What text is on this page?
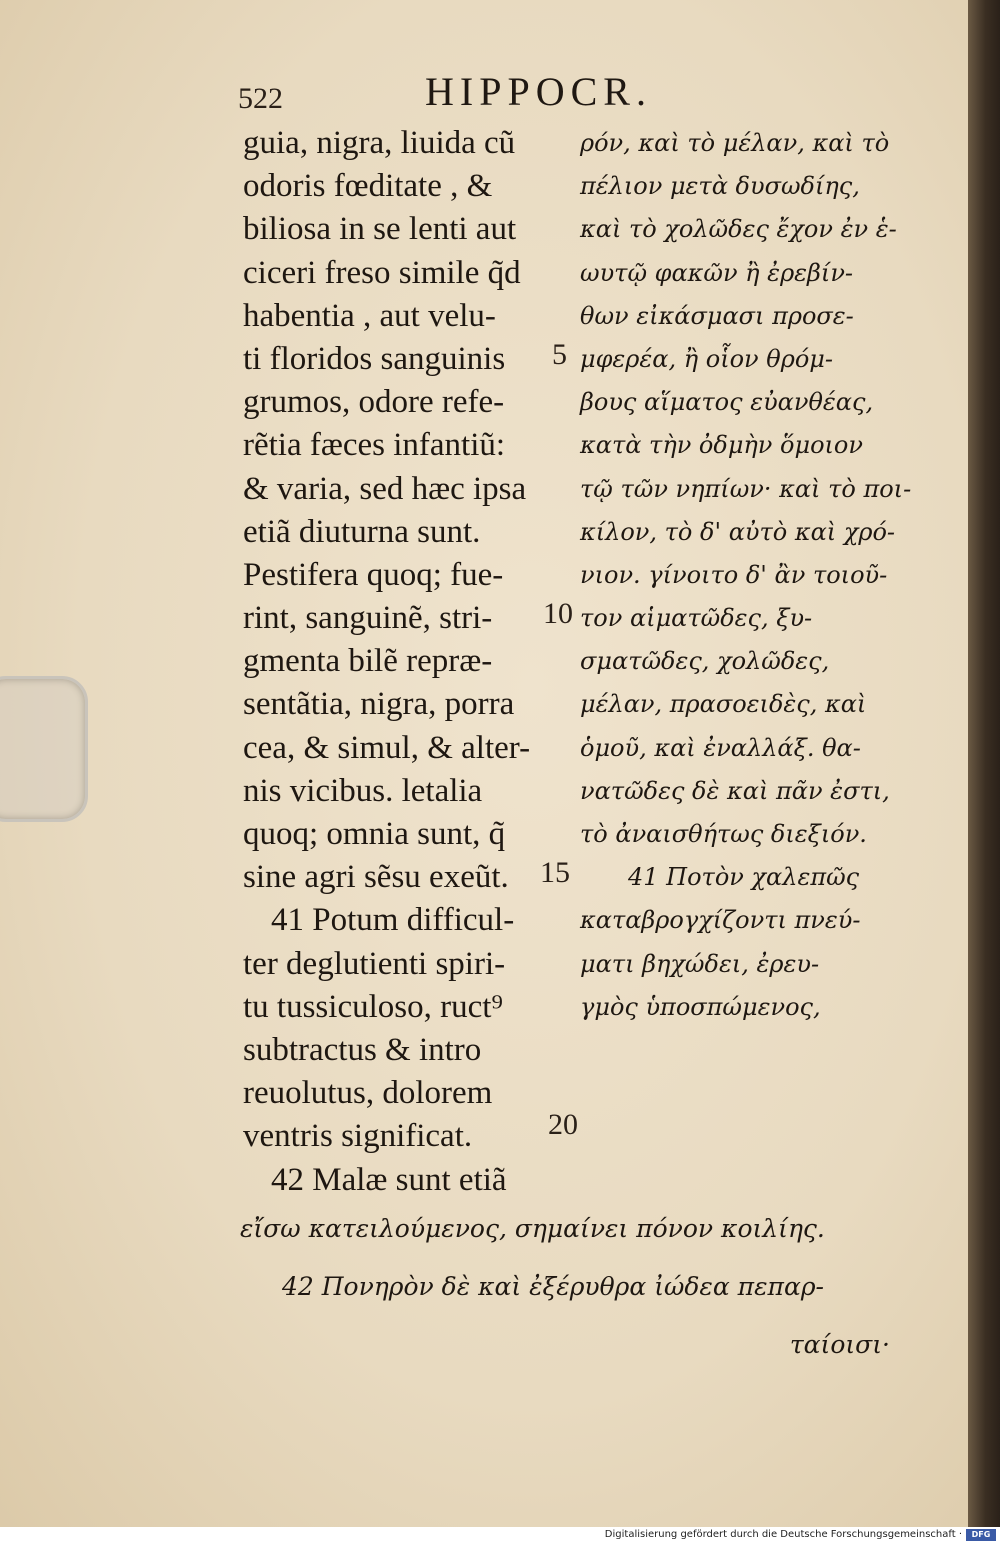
522	HIPPOCR.
guia, nigra, liuida cũ
odoris fœditate , &
biliosa in se lenti aut
ciceri freso simile q̃d
habentia , aut velu-
ti floridos sanguinis
grumos, odore refe-
rẽtia fæces infantiũ:
& varia, sed hæc ipsa
etiã diuturna sunt.
Pestifera quoq; fue-
rint, sanguinẽ, stri-
gmenta bilẽ repræ-
sentãtia, nigra, porra
cea, & simul, & alter-
nis vicibus. letalia
quoq; omnia sunt, q̃
sine agri sẽsu exeũt.
41 Potum difficul-
ter deglutienti spiri-
tu tussiculoso, ruct⁹
subtractus & intro
reuolutus, dolorem
ventris significat.
42 Malæ sunt etiã
ρόν, καὶ τὸ μέλαν, καὶ τὸ
πέλιον μετὰ δυσωδίης,
καὶ τὸ χολῶδες ἔχον ἐν ἑ-
ωυτῷ φακῶν ἢ ἐρεβίν-
θων εἰκάσμασι προσε-
μφερέα, ἢ οἷον θρόμ-
βους αἵματος εὐανθέας,
κατὰ τὴν ὀδμὴν ὅμοιον
τῷ τῶν νηπίων· καὶ τὸ ποι-
κίλον, τὸ δ' αὐτὸ καὶ χρό-
νιον. γίνοιτο δ' ἂν τοιοῦ-
τον αἱματῶδες, ξυ-
σματῶδες, χολῶδες,
μέλαν, πρασοειδὲς, καὶ
ὁμοῦ, καὶ ἐναλλάξ. θα-
νατῶδες δὲ καὶ πᾶν ἐστι,
τὸ ἀναισθήτως διεξιόν.
41 Ποτὸν χαλεπῶς
καταβρογχίζοντι πνεύ-
ματι βηχώδει, ἐρευ-
γμὸς ὑποσπώμενος,
5
10
15
20
εἴσω κατειλούμενος, σημαίνει πόνον κοιλίης.
42 Πονηρὸν δὲ καὶ ἐξέρυθρα ἰώδεα πεπαρ-
ταίοισι·
Digitalisierung gefördert durch die Deutsche Forschungsgemeinschaft ·	DFG
